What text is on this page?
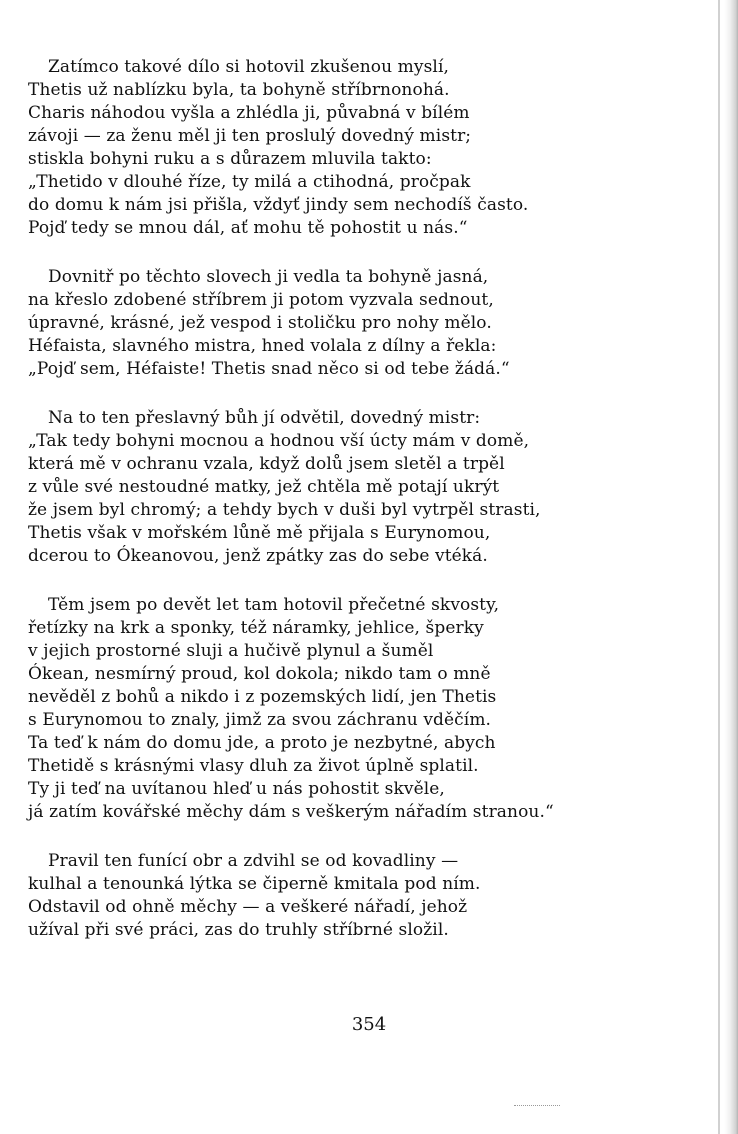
Zatímco takové dílo si hotovil zkušenou myslí,
Thetis už nablízku byla, ta bohyně stříbrnonohá.
Charis náhodou vyšla a zhlédla ji, půvabná v bílém
závoji — za ženu měl ji ten proslulý dovedný mistr;
stiskla bohyni ruku a s důrazem mluvila takto:
„Thetido v dlouhé říze, ty milá a ctihodná, pročpak
do domu k nám jsi přišla, vždyť jindy sem nechodíš často.
Pojď tedy se mnou dál, ať mohu tě pohostit u nás.“
Dovnitř po těchto slovech ji vedla ta bohyně jasná,
na křeslo zdobené stříbrem ji potom vyzvala sednout,
úpravné, krásné, jež vespod i stoličku pro nohy mělo.
Héfaista, slavného mistra, hned volala z dílny a řekla:
„Pojď sem, Héfaiste! Thetis snad něco si od tebe žádá.“
Na to ten přeslavný bůh jí odvětil, dovedný mistr:
„Tak tedy bohyni mocnou a hodnou vší úcty mám v domě,
která mě v ochranu vzala, když dolů jsem sletěl a trpěl
z vůle své nestoudné matky, jež chtěla mě potají ukrýt
že jsem byl chromý; a tehdy bych v duši byl vytrpěl strasti,
Thetis však v mořském lůně mě přijala s Eurynomou,
dcerou to Ókeanovou, jenž zpátky zas do sebe vtéká.
Těm jsem po devět let tam hotovil přečetné skvosty,
řetízky na krk a sponky, též náramky, jehlice, šperky
v jejich prostorné sluji a hučivě plynul a šuměl
Ókean, nesmírný proud, kol dokola; nikdo tam o mně
nevěděl z bohů a nikdo i z pozemských lidí, jen Thetis
s Eurynomou to znaly, jimž za svou záchranu vděčím.
Ta teď k nám do domu jde, a proto je nezbytné, abych
Thetidě s krásnými vlasy dluh za život úplně splatil.
Ty ji teď na uvítanou hleď u nás pohostit skvěle,
já zatím kovářské měchy dám s veškerým nářadím stranou.“
Pravil ten funící obr a zdvihl se od kovadliny —
kulhal a tenounká lýtka se čiperně kmitala pod ním.
Odstavil od ohně měchy — a veškeré nářadí, jehož
užíval při své práci, zas do truhly stříbrné složil.
354
